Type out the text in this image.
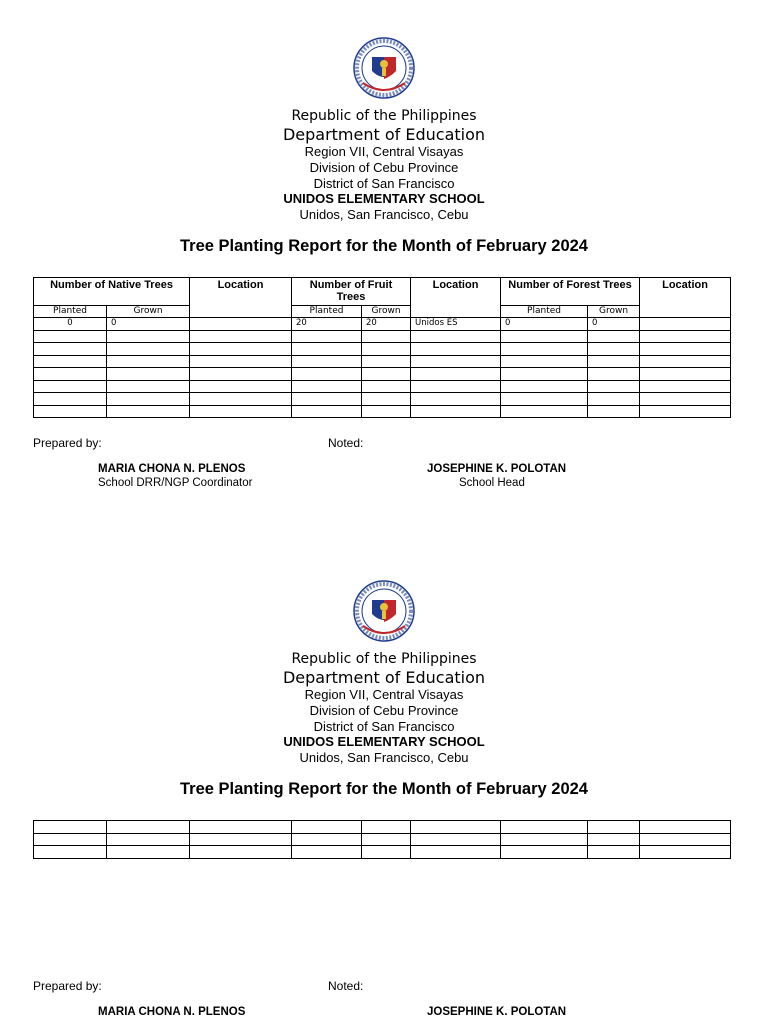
Republic of the Philippines
Department of Education
Region VII, Central Visayas
Division of Cebu Province
District of San Francisco
UNIDOS ELEMENTARY SCHOOL
Unidos, San Francisco, Cebu
Tree Planting Report for the Month of February 2024
Number of Native Trees		Location	Number of Fruit Trees		Location	Number of Forest Trees		Location
Planted	Grown		Planted	Grown		Planted	Grown	
0	0		20	20	Unidos ES	0	0	

Prepared by:	Noted:
MARIA CHONA N. PLENOS
School DRR/NGP Coordinator
JOSEPHINE K. POLOTAN
School Head
Republic of the Philippines
Department of Education
Region VII, Central Visayas
Division of Cebu Province
District of San Francisco
UNIDOS ELEMENTARY SCHOOL
Unidos, San Francisco, Cebu
Tree Planting Report for the Month of February 2024

Prepared by:	Noted:
MARIA CHONA N. PLENOS	JOSEPHINE K. POLOTAN
